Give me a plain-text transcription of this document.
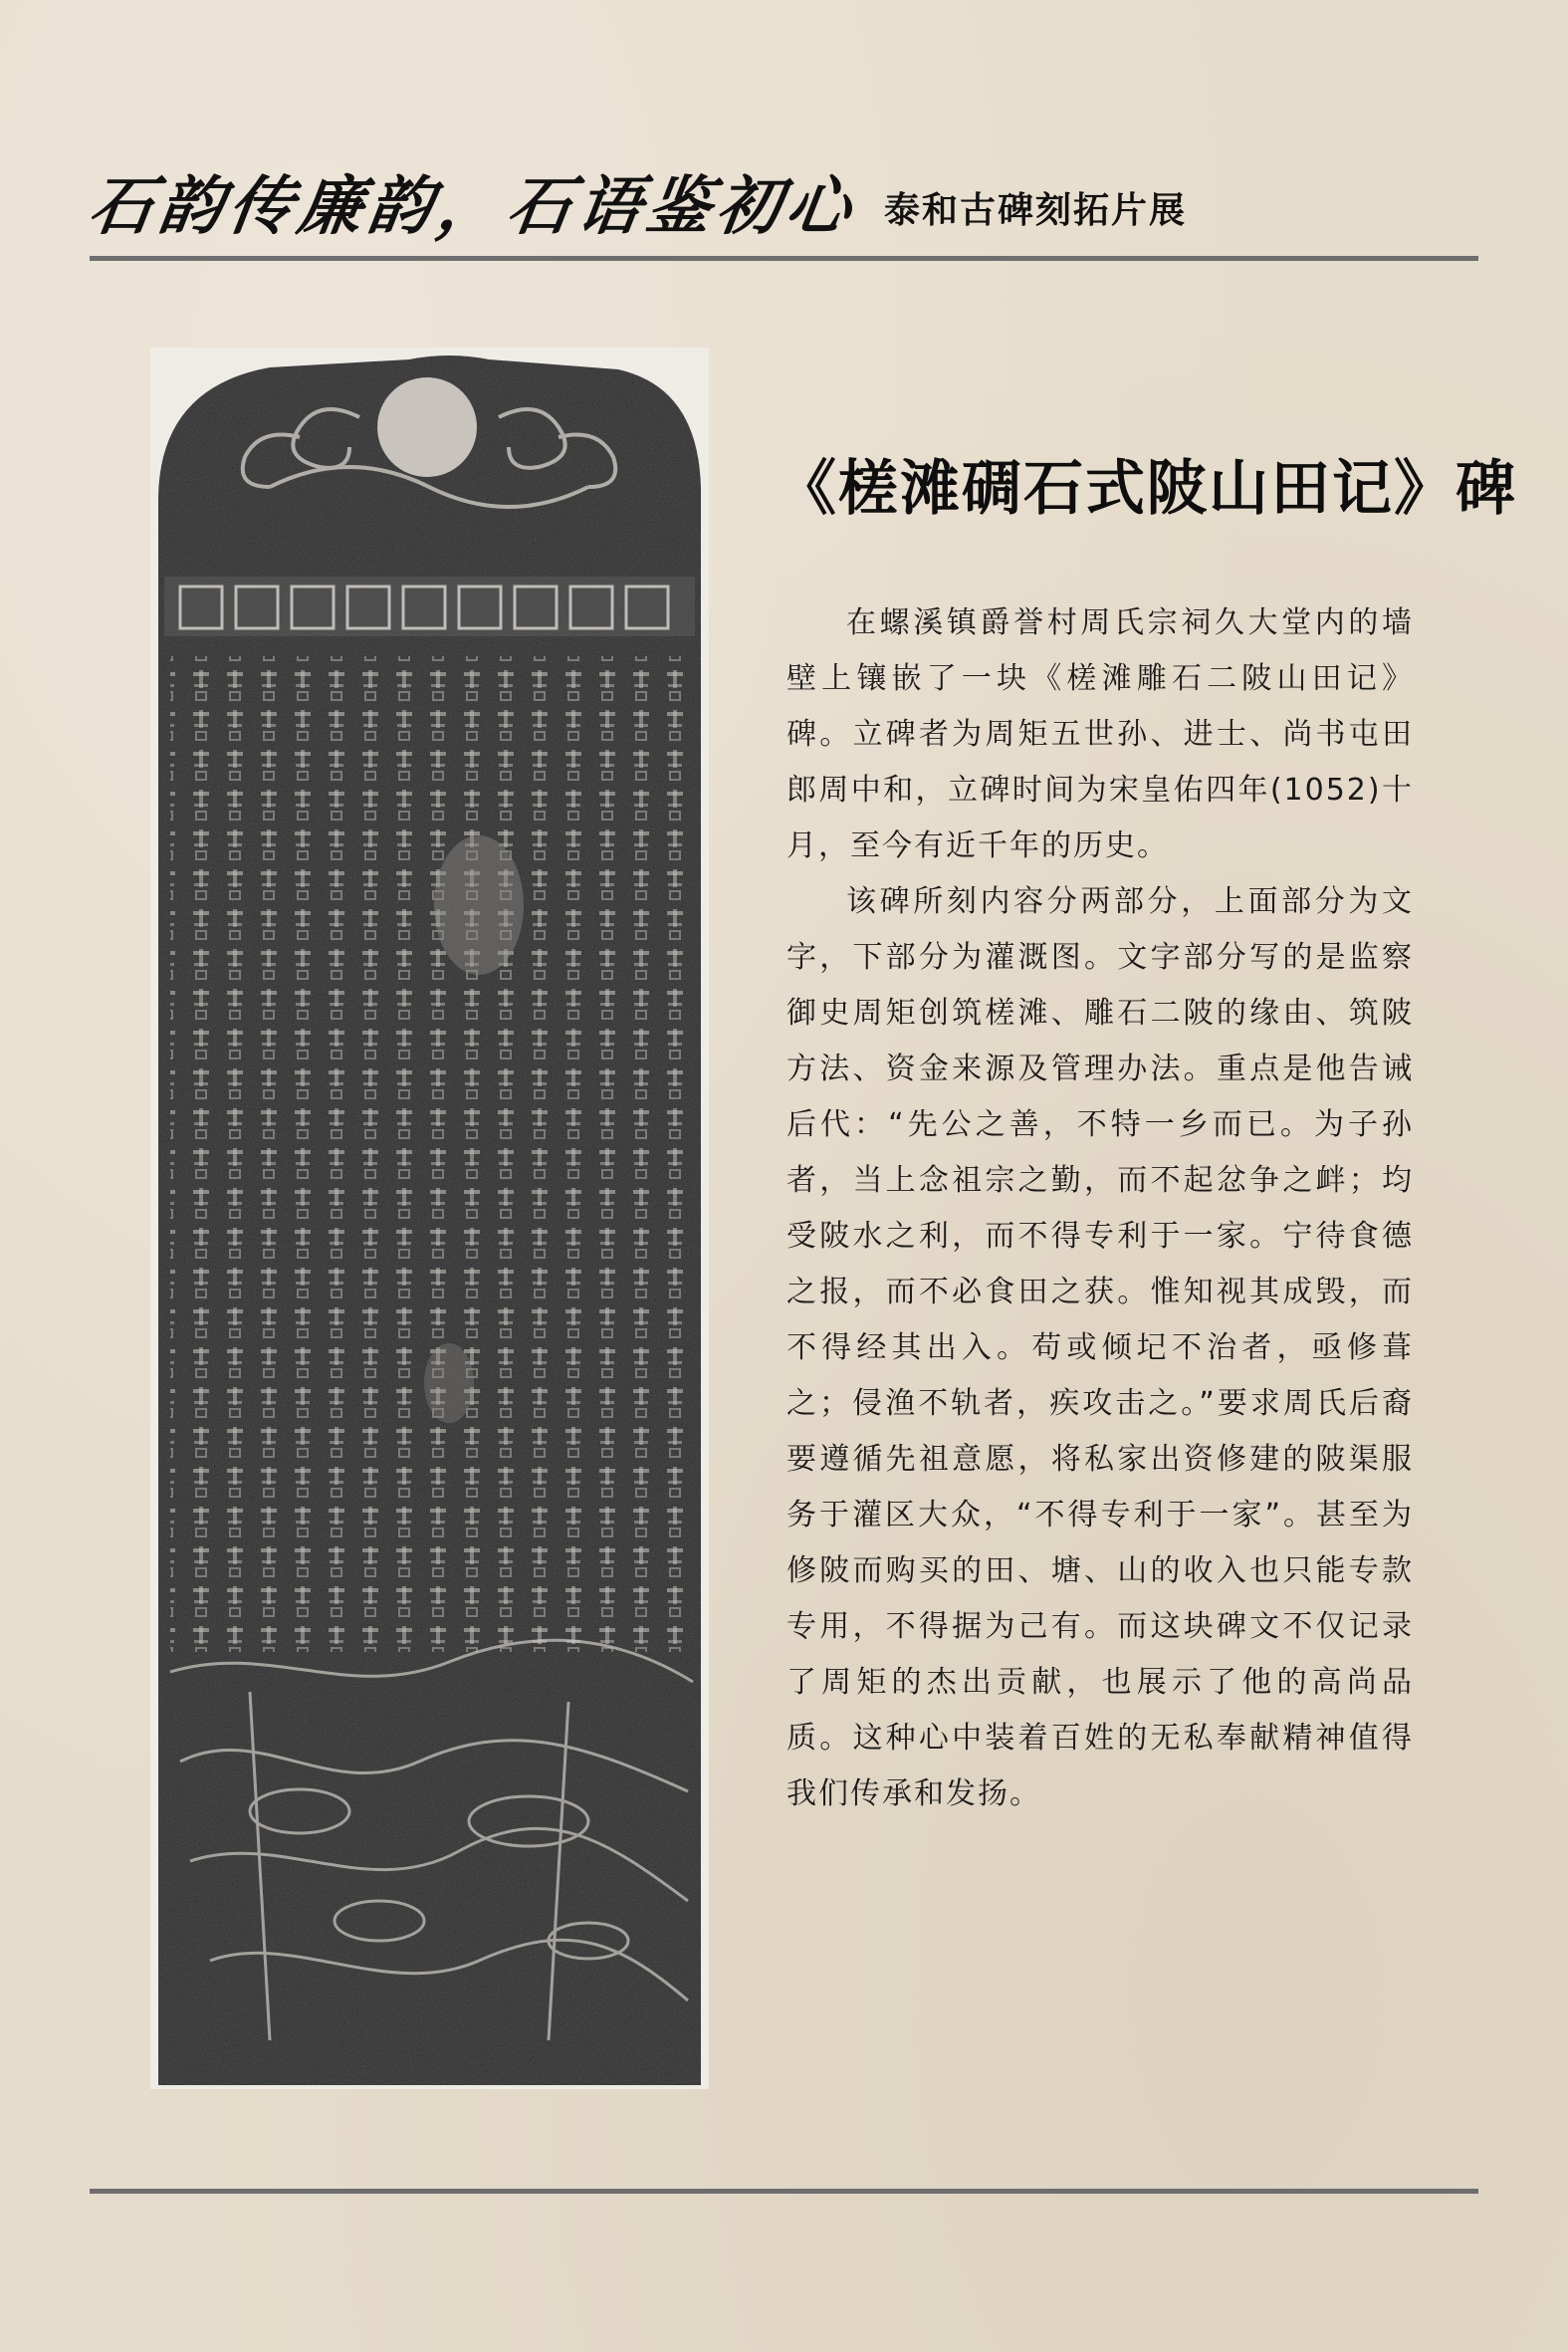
石韵传廉韵，石语鉴初心 泰和古碑刻拓片展
《槎滩碉石式陂山田记》碑

在螺溪镇爵誉村周氏宗祠久大堂内的墙壁上镶嵌了一块《槎滩雕石二陂山田记》碑。立碑者为周矩五世孙、进士、尚书屯田郎周中和，立碑时间为宋皇佑四年(1052)十月，至今有近千年的历史。

该碑所刻内容分两部分，上面部分为文字，下部分为灌溉图。文字部分写的是监察御史周矩创筑槎滩、雕石二陂的缘由、筑陂方法、资金来源及管理办法。重点是他告诫后代：“先公之善，不特一乡而已。为子孙者，当上念祖宗之勤，而不起忿争之衅；均受陂水之利，而不得专利于一家。宁待食德之报，而不必食田之获。惟知视其成毁，而不得经其出入。苟或倾圮不治者，亟修葺之；侵渔不轨者，疾攻击之。”要求周氏后裔要遵循先祖意愿，将私家出资修建的陂渠服务于灌区大众，“不得专利于一家”。甚至为修陂而购买的田、塘、山的收入也只能专款专用，不得据为己有。而这块碑文不仅记录了周矩的杰出贡献，也展示了他的高尚品质。这种心中装着百姓的无私奉献精神值得我们传承和发扬。
